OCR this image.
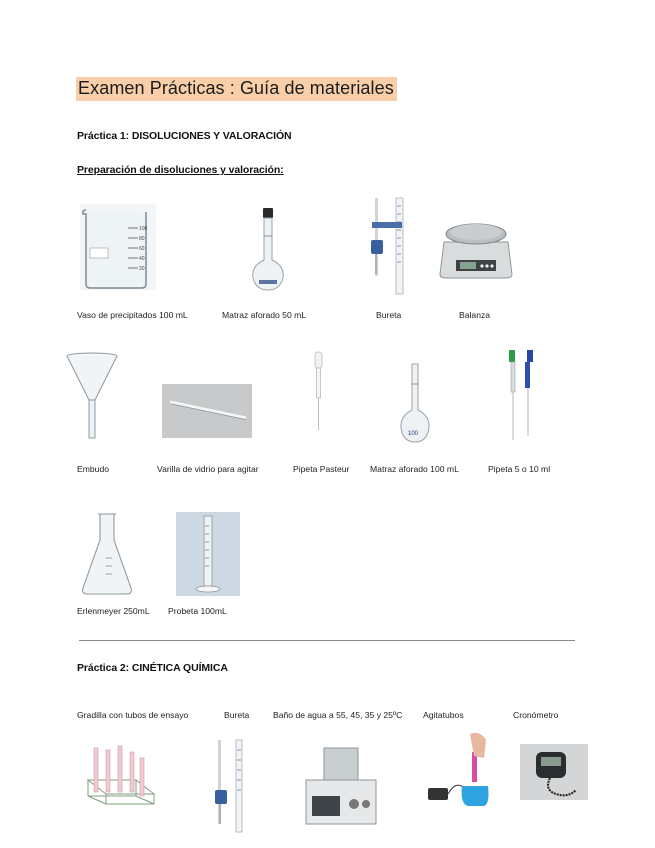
Examen Prácticas : Guía de materiales
Práctica 1: DISOLUCIONES Y VALORACIÓN
Preparación de disoluciones y valoración:
100
80
60
40
20
Vaso de precipitados 100 mL	Matraz aforado 50 mL	Bureta	Balanza
100
Embudo	Varilla de vidrio para agitar	Pipeta Pasteur Matraz aforado 100 mL	Pipeta 5 o 10 ml
Erlenmeyer 250mL Probeta 100mL
Práctica 2: CINÉTICA QUÍMICA
Gradilla con tubos de ensayo	Bureta	Baño de agua a 55, 45, 35 y 25ºC Agitatubos	Cronómetro
